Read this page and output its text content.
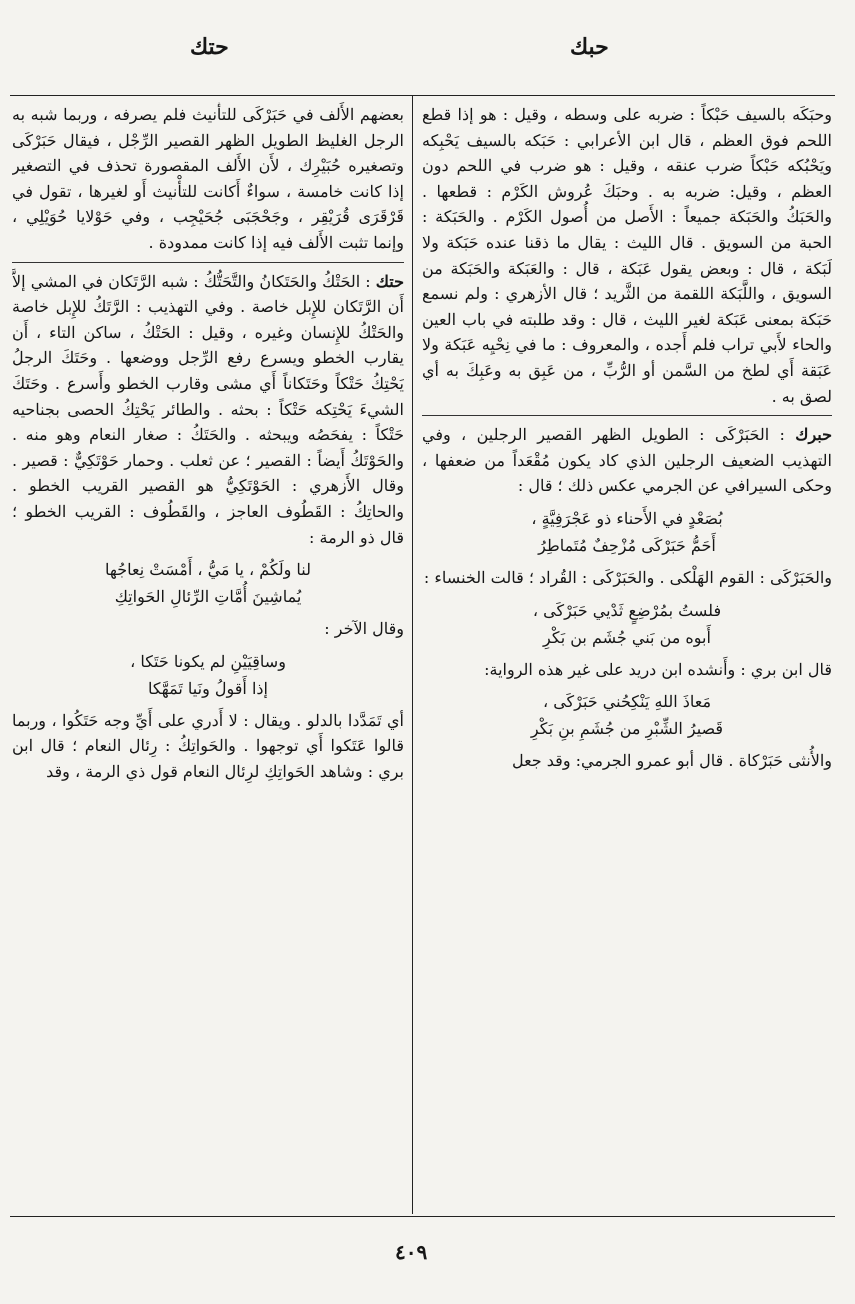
حبك
حتك

وحبَكَه بالسيف حَبْكاً : ضربه على وسطه ، وقيل : هو إذا قطع اللحم فوق العظم ، قال ابن الأعرابي : حَبَكه بالسيف يَحْبِكه ويَحْبُكه حَبْكاً ضرب عنقه ، وقيل : هو ضرب في اللحم دون العظم ، وقيل: ضربه به . وحبَكَ عُروش الكَرْم : قطعها . والحَبَكُ والحَبَكة جميعاً : الأَصل من أُصول الكَرْم . والحَبَكة : الحبة من السويق . قال الليث : يقال ما ذقنا عنده حَبَكة ولا لَبَكة ، قال : وبعض يقول عَبَكة ، قال : والعَبَكة والحَبَكة من السويق ، واللَّبَكة اللقمة من الثَّريد ؛ قال الأزهري : ولم نسمع حَبَكة بمعنى عَبَكة لغير الليث ، قال : وقد طلبته في باب العين والحاء لأَبي تراب فلم أَجده ، والمعروف : ما في نِحْيِه عَبَكة ولا عَبَقة أَي لطخ من السَّمن أو الرُّبِّ ، من عَبِق به وعَبِكَ به أي لصق به .

حبرك : الحَبَرْكَى : الطويل الظهر القصير الرجلين ، وفي التهذيب الضعيف الرجلين الذي كاد يكون مُقْعَداً من ضعفها ، وحكى السيرافي عن الجرمي عكس ذلك ؛ قال :

بُصَعْدٍ في الأَحناء ذو عَجْرَفِيَّةٍ ،
أَحَمُّ حَبَرْكَى مُزْحِفٌ مُتَماطِرُ

والحَبَرْكَى : القوم الهَلْكى . والحَبَرْكَى : القُراد ؛ قالت الخنساء :

فلستُ بمُرْضِعٍ ثَدْيي حَبَرْكَى ،
أَبوه من بَني جُشَم بن بَكْرِ

قال ابن بري : وأَنشده ابن دريد على غير هذه الرواية:

مَعاذَ اللهِ يَنْكِحُني حَبَرْكَى ،
قَصيرُ الشِّبْرِ من جُشَمِ بنِ بَكْرِ

والأُنثى حَبَرْكاة . قال أبو عمرو الجرمي: وقد جعل

بعضهم الأَلف في حَبَرْكَى للتأْنيث فلم يصرفه ، وربما شبه به الرجل الغليظ الطويل الظهر القصير الرِّجْل ، فيقال حَبَرْكَى وتصغيره حُبَيْرِك ، لأَن الأَلف المقصورة تحذف في التصغير إذا كانت خامسة ، سواءٌ أَكانت للتأْنيث أَو لغيرها ، تقول في قَرْقَرَى قُرَيْقِر ، وجَحْجَبَى جُحَيْجِب ، وفي حَوْلايا حُوَيْلِي ، وإنما تثبت الأَلف فيه إذا كانت ممدودة .

حتك : الحَتْكُ والحَتَكانُ والتَّحَتُّكُ : شبه الرَّتَكان في المشي إلاَّ أَن الرَّتَكان للإِبل خاصة . وفي التهذيب : الرَّتَكُ للإِبل خاصة والحَتْكُ للإِنسان وغيره ، وقيل : الحَتْكُ ، ساكن التاء ، أَن يقارب الخطو ويسرع رفع الرِّجل ووضعها . وحَتَكَ الرجلُ يَحْتِكُ حَتْكاً وحَتَكاناً أَي مشى وقارب الخطو وأَسرع . وحَتَكَ الشيءَ يَحْتِكه حَتْكاً : بحثه . والطائر يَحْتِكُ الحصى بجناحيه حَتْكاً : يفحَصُه ويبحثه . والحَتَكُ : صغار النعام وهو منه . والحَوْتَكُ أَيضاً : القصير ؛ عن ثعلب . وحمار حَوْتَكِيٌّ : قصير . وقال الأَزهري : الحَوْتَكِيُّ هو القصير القريب الخطو . والحاتِكُ : القَطُوف العاجز ، والقَطُوف : القريب الخطو ؛ قال ذو الرمة :

لنا ولَكُمْ ، يا مَيُّ ، أَمْسَتْ نِعاجُها
يُماشِينَ أُمَّاتِ الرِّئالِ الحَواتِكِ

وقال الآخر :

وساقِيَيْنِ لم يكونا حَتَكا ،
إذا أَقولُ ونَيا تَمَهَّكا

أي تَمَدَّدا بالدلو . ويقال : لا أَدري على أَيِّ وجه حَتَكُوا ، وربما قالوا عَتَكوا أَي توجهوا . والحَواتِكُ : رِئال النعام ؛ قال ابن بري : وشاهد الحَواتِكِ لرِئال النعام قول ذي الرمة ، وقد

٤٠٩
